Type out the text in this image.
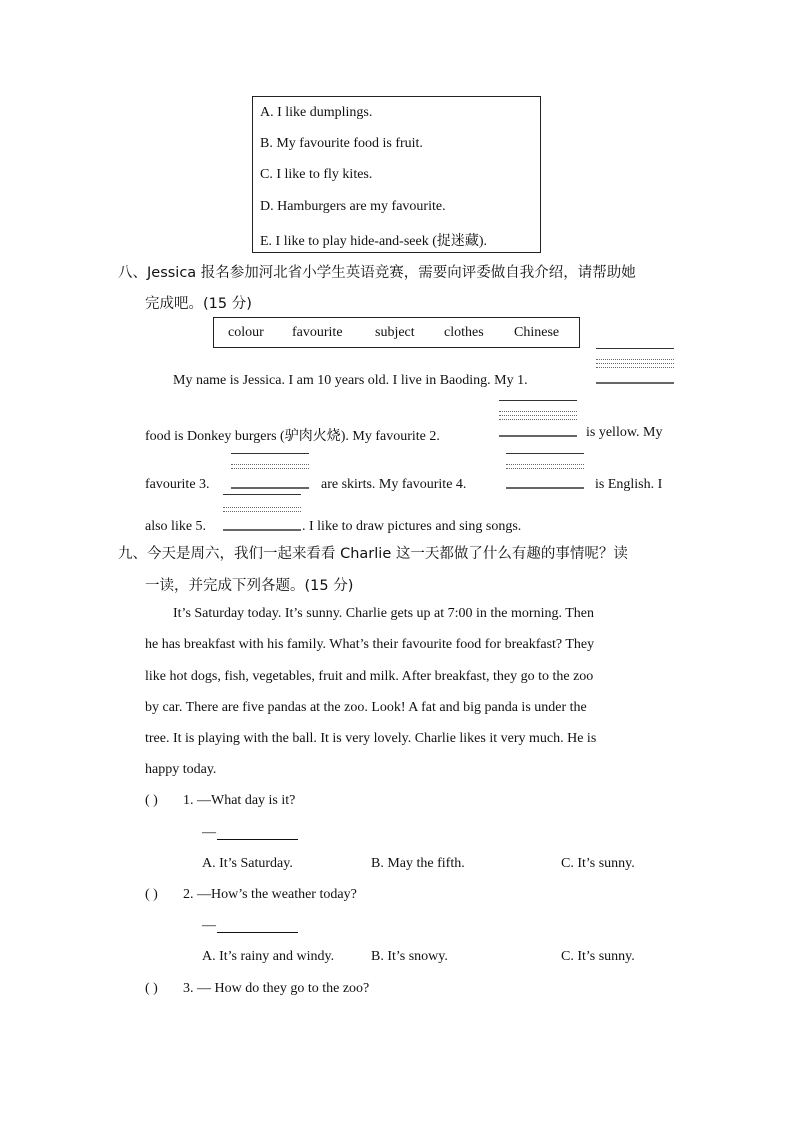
A. I like dumplings.
B. My favourite food is fruit.
C. I like to fly kites.
D. Hamburgers are my favourite.
E. I like to play hide-and-seek (捉迷藏).
八、Jessica 报名参加河北省小学生英语竞赛，需要向评委做自我介绍，请帮助她
完成吧。(15 分)
colour favourite subject clothes Chinese
My name is Jessica. I am 10 years old. I live in Baoding. My 1.
food is Donkey burgers (驴肉火烧). My favourite 2.	is yellow. My
favourite 3.	are skirts. My favourite 4.	is English. I
also like 5.	. I like to draw pictures and sing songs.
九、今天是周六，我们一起来看看 Charlie 这一天都做了什么有趣的事情呢？读
一读，并完成下列各题。(15 分)
It’s Saturday today. It’s sunny. Charlie gets up at 7:00 in the morning. Then
he has breakfast with his family. What’s their favourite food for breakfast? They
like hot dogs, fish, vegetables, fruit and milk. After breakfast, they go to the zoo
by car. There are five pandas at the zoo. Look! A fat and big panda is under the
tree. It is playing with the ball. It is very lovely. Charlie likes it very much. He is
happy today.
( ) 1. —What day is it?
—
A. It’s Saturday.	B. May the fifth.	C. It’s sunny.
( ) 2. —How’s the weather today?
—
A. It’s rainy and windy.	B. It’s snowy.	C. It’s sunny.
( ) 3. — How do they go to the zoo?
